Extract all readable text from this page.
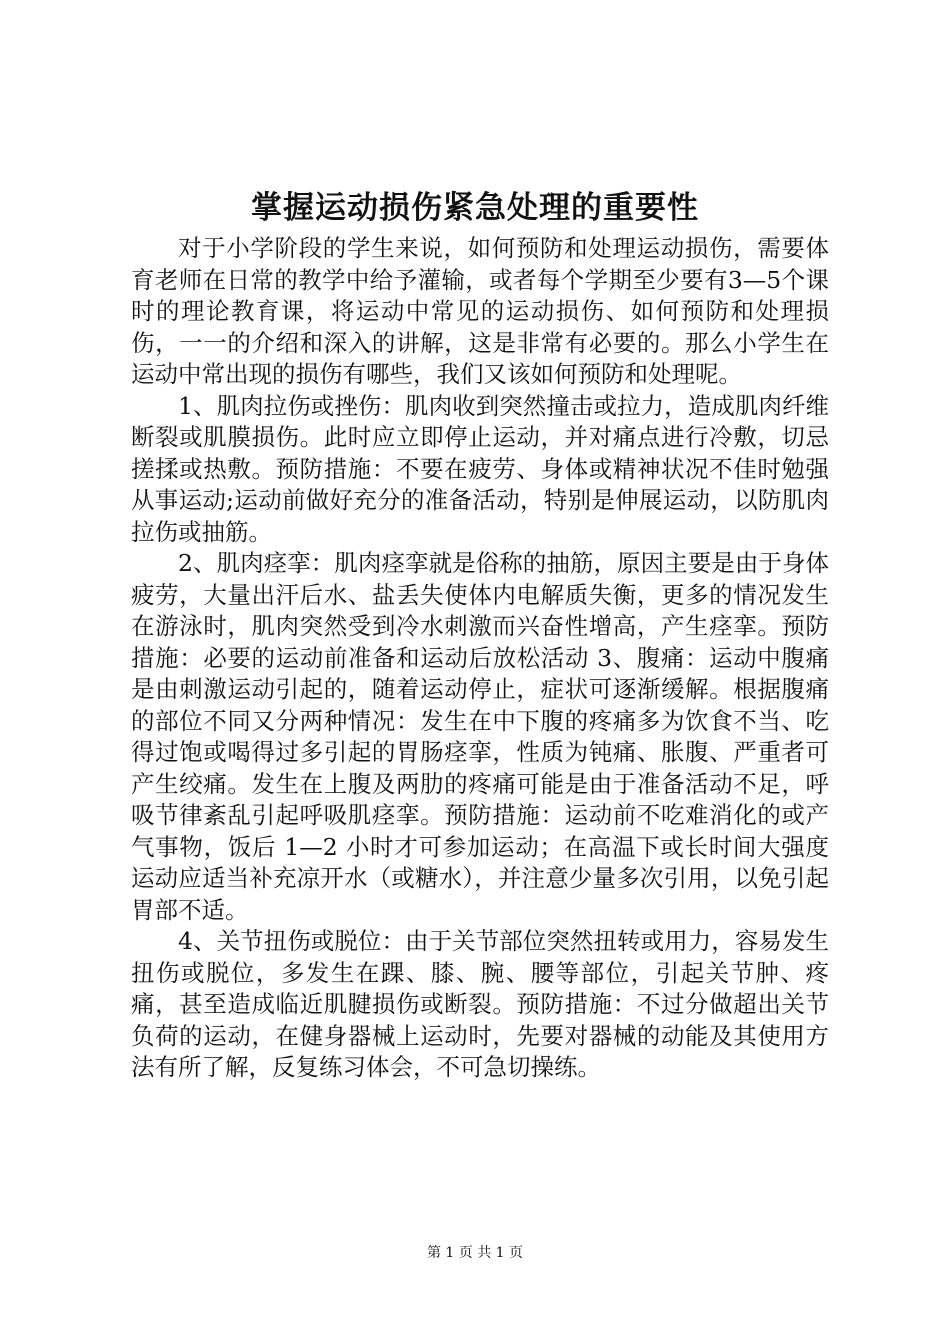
掌握运动损伤紧急处理的重要性

对于小学阶段的学生来说，如何预防和处理运动损伤，需要体育老师在日常的教学中给予灌输，或者每个学期至少要有3—5个课时的理论教育课，将运动中常见的运动损伤、如何预防和处理损伤，一一的介绍和深入的讲解，这是非常有必要的。那么小学生在运动中常出现的损伤有哪些，我们又该如何预防和处理呢。

1、肌肉拉伤或挫伤：肌肉收到突然撞击或拉力，造成肌肉纤维断裂或肌膜损伤。此时应立即停止运动，并对痛点进行冷敷，切忌搓揉或热敷。预防措施：不要在疲劳、身体或精神状况不佳时勉强从事运动;运动前做好充分的准备活动，特别是伸展运动，以防肌肉拉伤或抽筋。

2、肌肉痉挛：肌肉痉挛就是俗称的抽筋，原因主要是由于身体疲劳，大量出汗后水、盐丢失使体内电解质失衡，更多的情况发生在游泳时，肌肉突然受到冷水刺激而兴奋性增高，产生痉挛。预防措施：必要的运动前准备和运动后放松活动 3、腹痛：运动中腹痛是由刺激运动引起的，随着运动停止，症状可逐渐缓解。根据腹痛的部位不同又分两种情况：发生在中下腹的疼痛多为饮食不当、吃得过饱或喝得过多引起的胃肠痉挛，性质为钝痛、胀腹、严重者可产生绞痛。发生在上腹及两肋的疼痛可能是由于准备活动不足，呼吸节律紊乱引起呼吸肌痉挛。预防措施：运动前不吃难消化的或产气事物，饭后 1—2 小时才可参加运动；在高温下或长时间大强度运动应适当补充凉开水（或糖水），并注意少量多次引用，以免引起胃部不适。

4、关节扭伤或脱位：由于关节部位突然扭转或用力，容易发生扭伤或脱位，多发生在踝、膝、腕、腰等部位，引起关节肿、疼痛，甚至造成临近肌腱损伤或断裂。预防措施：不过分做超出关节负荷的运动，在健身器械上运动时，先要对器械的动能及其使用方法有所了解，反复练习体会，不可急切操练。

第 1 页 共 1 页
